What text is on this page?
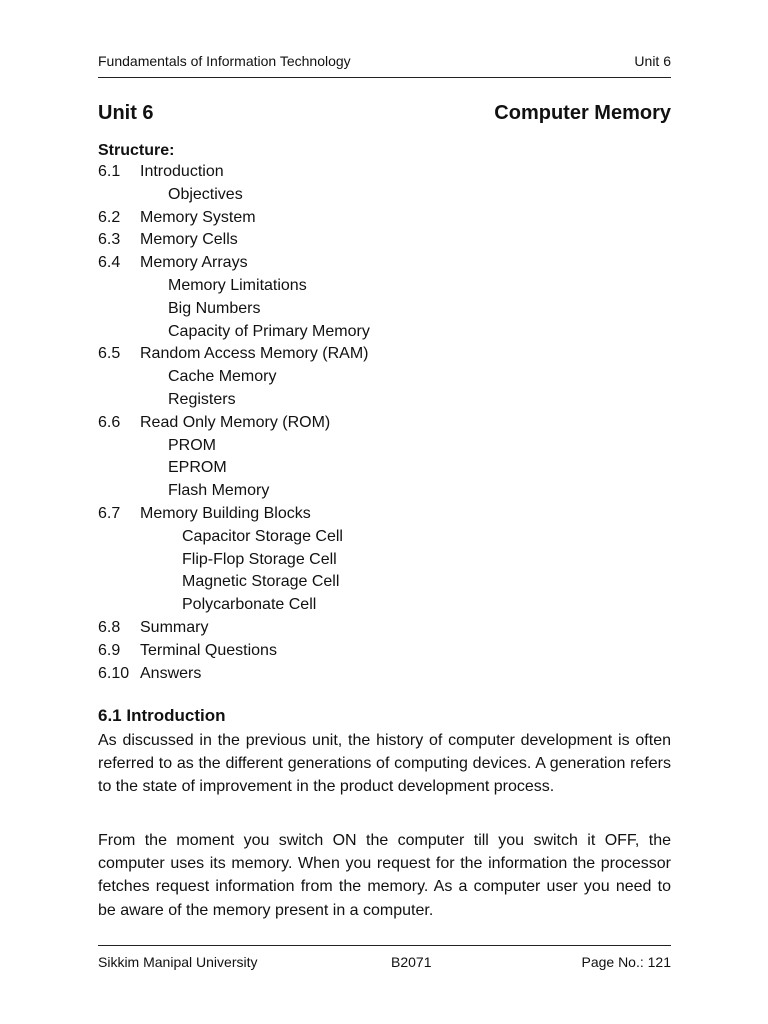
Fundamentals of Information Technology	Unit 6
Unit 6	Computer Memory
Structure:
6.1 Introduction
Objectives
6.2 Memory System
6.3 Memory Cells
6.4 Memory Arrays
Memory Limitations
Big Numbers
Capacity of Primary Memory
6.5 Random Access Memory (RAM)
Cache Memory
Registers
6.6 Read Only Memory (ROM)
PROM
EPROM
Flash Memory
6.7 Memory Building Blocks
Capacitor Storage Cell
Flip-Flop Storage Cell
Magnetic Storage Cell
Polycarbonate Cell
6.8 Summary
6.9 Terminal Questions
6.10 Answers
6.1 Introduction

As discussed in the previous unit, the history of computer development is often referred to as the different generations of computing devices. A generation refers to the state of improvement in the product development process.

From the moment you switch ON the computer till you switch it OFF, the computer uses its memory. When you request for the information the processor fetches request information from the memory. As a computer user you need to be aware of the memory present in a computer.

Sikkim Manipal University	B2071	Page No.: 121
